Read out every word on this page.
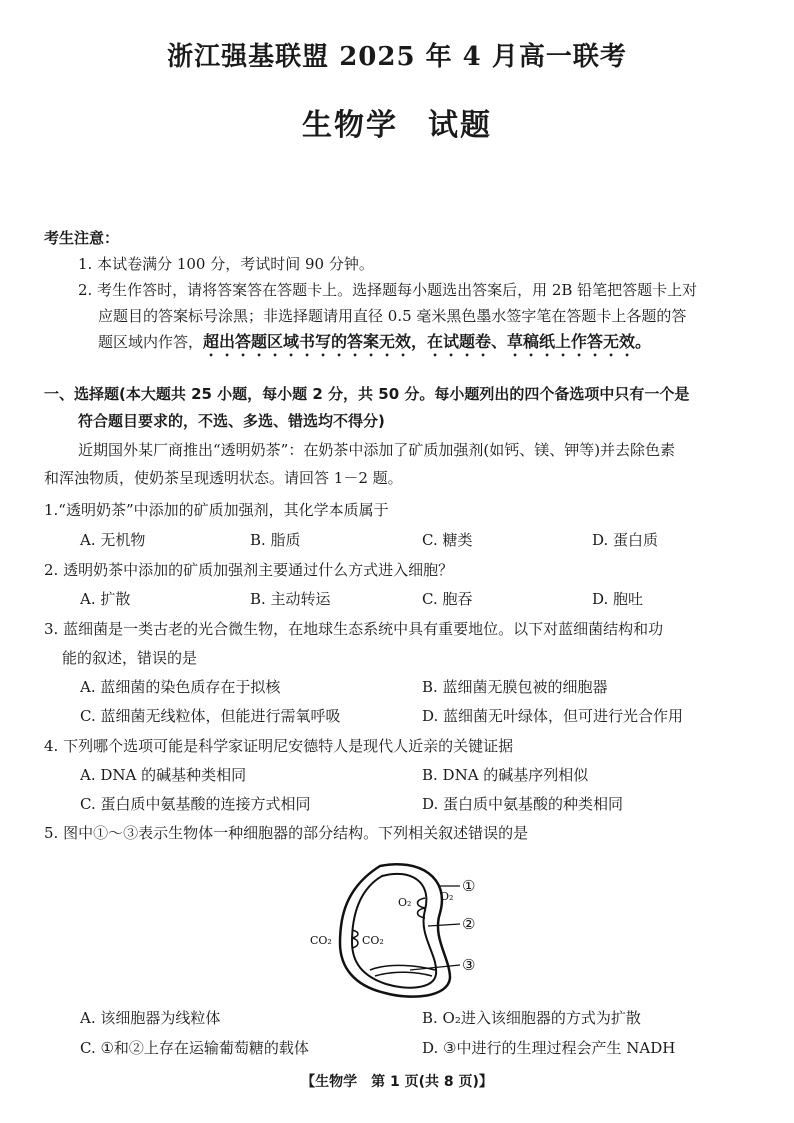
浙江强基联盟 2025 年 4 月高一联考
生物学 试题
考生注意：
1. 本试卷满分 100 分，考试时间 90 分钟。
2. 考生作答时，请将答案答在答题卡上。选择题每小题选出答案后，用 2B 铅笔把答题卡上对
应题目的答案标号涂黑；非选择题请用直径 0.5 毫米黑色墨水签字笔在答题卡上各题的答
题区域内作答，超出答题区域书写的答案无效，在试题卷、草稿纸上作答无效。
一、选择题(本大题共 25 小题，每小题 2 分，共 50 分。每小题列出的四个备选项中只有一个是
符合题目要求的，不选、多选、错选均不得分)
近期国外某厂商推出“透明奶茶”：在奶茶中添加了矿质加强剂(如钙、镁、钾等)并去除色素
和浑浊物质，使奶茶呈现透明状态。请回答 1－2 题。
1.“透明奶茶”中添加的矿质加强剂，其化学本质属于
A. 无机物	B. 脂质	C. 糖类	D. 蛋白质
2. 透明奶茶中添加的矿质加强剂主要通过什么方式进入细胞？
A. 扩散	B. 主动转运	C. 胞吞	D. 胞吐
3. 蓝细菌是一类古老的光合微生物，在地球生态系统中具有重要地位。以下对蓝细菌结构和功
能的叙述，错误的是
A. 蓝细菌的染色质存在于拟核	B. 蓝细菌无膜包被的细胞器
C. 蓝细菌无线粒体，但能进行需氧呼吸	D. 蓝细菌无叶绿体，但可进行光合作用
4. 下列哪个选项可能是科学家证明尼安德特人是现代人近亲的关键证据
A. DNA 的碱基种类相同	B. DNA 的碱基序列相似
C. 蛋白质中氨基酸的连接方式相同	D. 蛋白质中氨基酸的种类相同
5. 图中①～③表示生物体一种细胞器的部分结构。下列相关叙述错误的是
①
②
③
O₂	O₂
CO₂	CO₂
A. 该细胞器为线粒体	B. O₂进入该细胞器的方式为扩散
C. ①和②上存在运输葡萄糖的载体	D. ③中进行的生理过程会产生 NADH
【生物学　第 1 页(共 8 页)】
